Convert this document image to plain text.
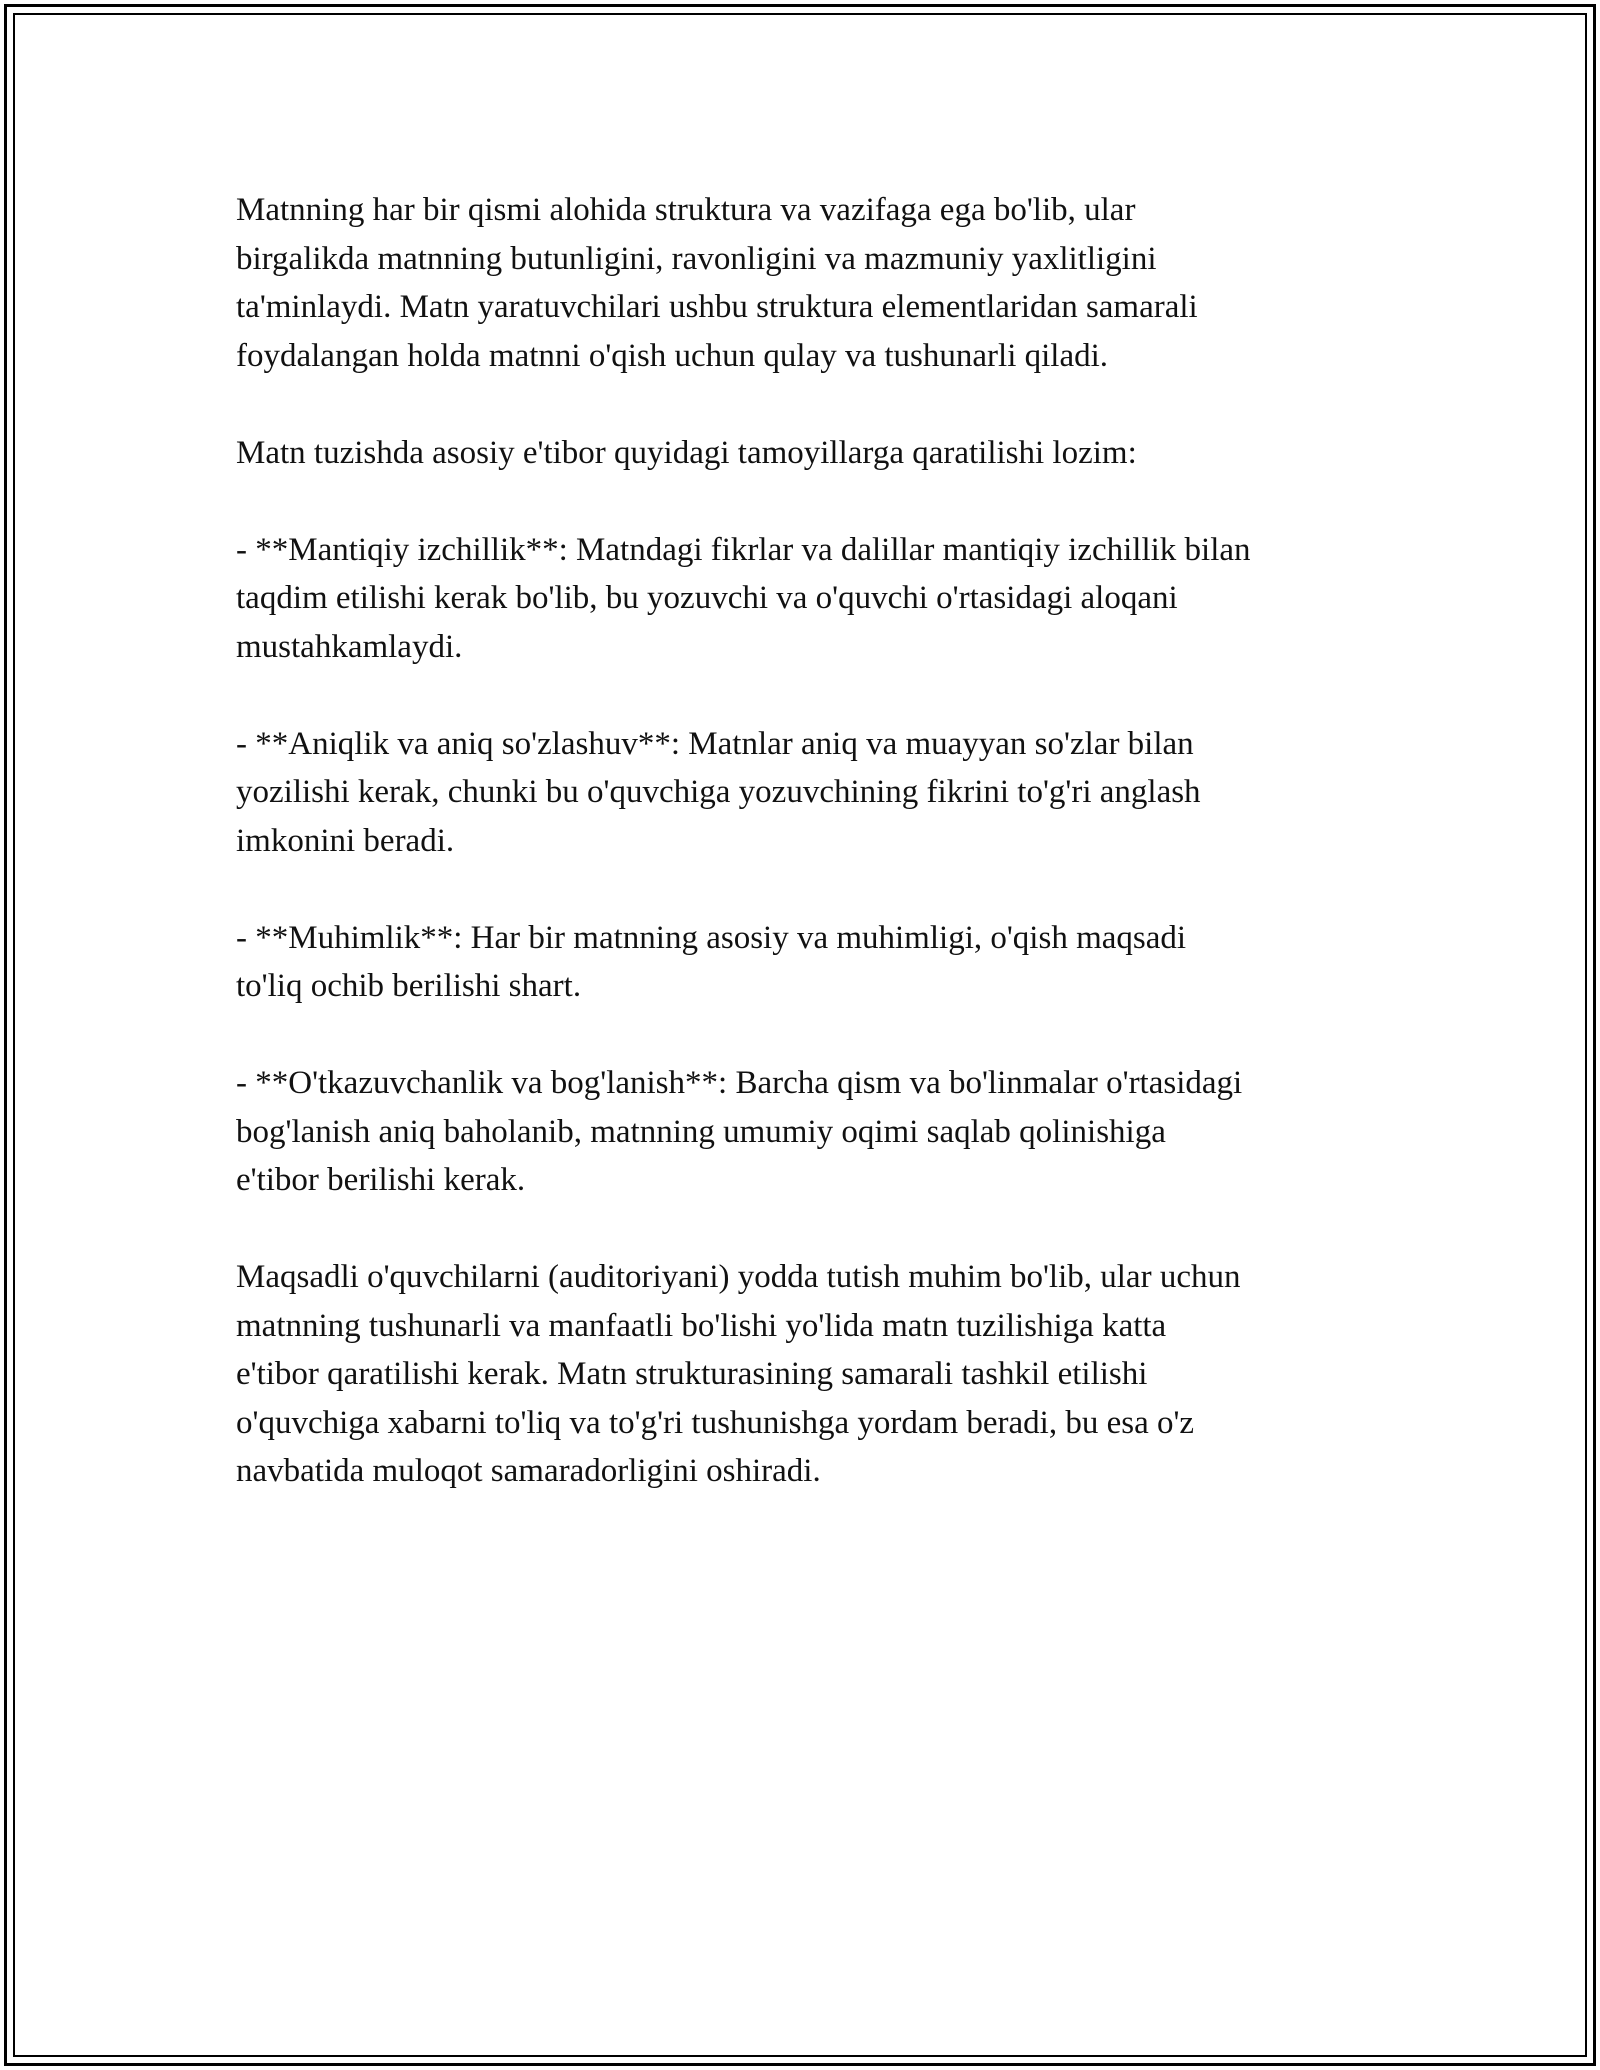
Matnning har bir qismi alohida struktura va vazifaga ega bo'lib, ular
birgalikda matnning butunligini, ravonligini va mazmuniy yaxlitligini
ta'minlaydi. Matn yaratuvchilari ushbu struktura elementlaridan samarali
foydalangan holda matnni o'qish uchun qulay va tushunarli qiladi.

Matn tuzishda asosiy e'tibor quyidagi tamoyillarga qaratilishi lozim:

- **Mantiqiy izchillik**: Matndagi fikrlar va dalillar mantiqiy izchillik bilan
taqdim etilishi kerak bo'lib, bu yozuvchi va o'quvchi o'rtasidagi aloqani
mustahkamlaydi.

- **Aniqlik va aniq so'zlashuv**: Matnlar aniq va muayyan so'zlar bilan
yozilishi kerak, chunki bu o'quvchiga yozuvchining fikrini to'g'ri anglash
imkonini beradi.

- **Muhimlik**: Har bir matnning asosiy va muhimligi, o'qish maqsadi
to'liq ochib berilishi shart.

- **O'tkazuvchanlik va bog'lanish**: Barcha qism va bo'linmalar o'rtasidagi
bog'lanish aniq baholanib, matnning umumiy oqimi saqlab qolinishiga
e'tibor berilishi kerak.

Maqsadli o'quvchilarni (auditoriyani) yodda tutish muhim bo'lib, ular uchun
matnning tushunarli va manfaatli bo'lishi yo'lida matn tuzilishiga katta
e'tibor qaratilishi kerak. Matn strukturasining samarali tashkil etilishi
o'quvchiga xabarni to'liq va to'g'ri tushunishga yordam beradi, bu esa o'z
navbatida muloqot samaradorligini oshiradi.
